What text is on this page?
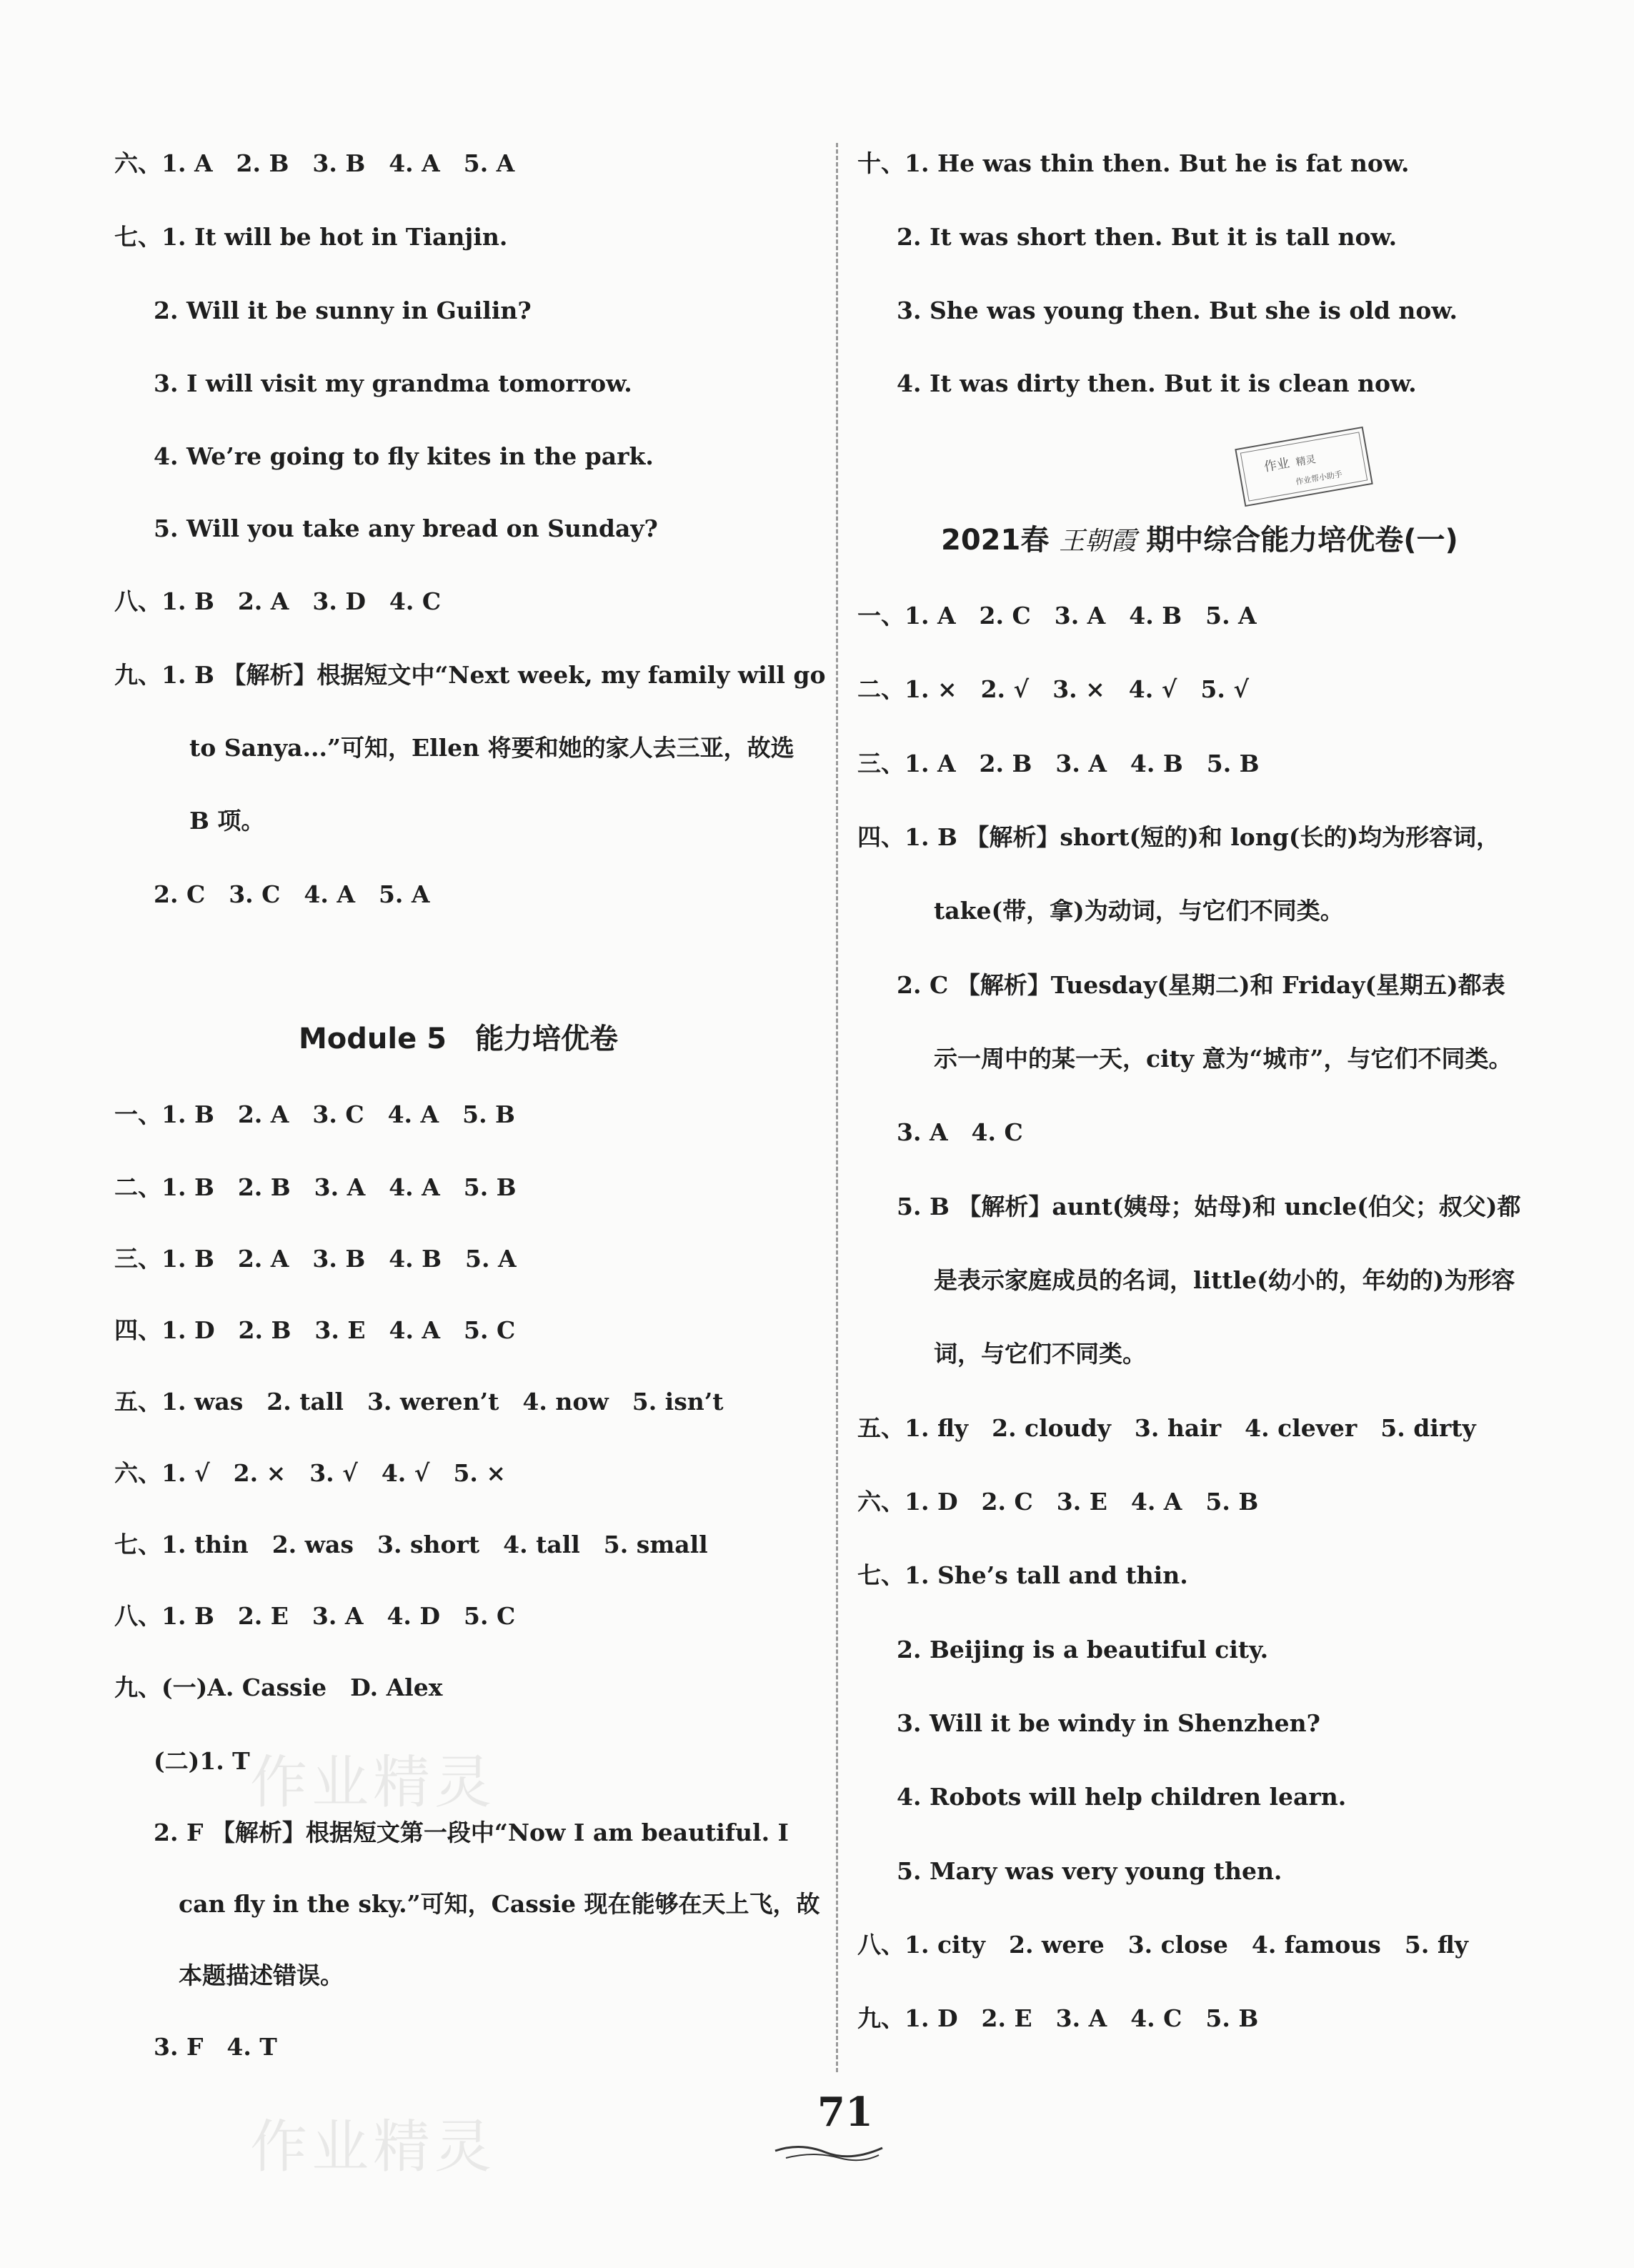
六、1. A　2. B　3. B　4. A　5. A
七、1. It will be hot in Tianjin.
2. Will it be sunny in Guilin?
3. I will visit my grandma tomorrow.
4. We’re going to fly kites in the park.
5. Will you take any bread on Sunday?
八、1. B　2. A　3. D　4. C
九、1. B 【解析】根据短文中“Next week, my family will go
to Sanya...”可知，Ellen 将要和她的家人去三亚，故选
B 项。
2. C　3. C　4. A　5. A
Module 5　能力培优卷
一、1. B　2. A　3. C　4. A　5. B
二、1. B　2. B　3. A　4. A　5. B
三、1. B　2. A　3. B　4. B　5. A
四、1. D　2. B　3. E　4. A　5. C
五、1. was　2. tall　3. weren’t　4. now　5. isn’t
六、1. √　2. ×　3. √　4. √　5. ×
七、1. thin　2. was　3. short　4. tall　5. small
八、1. B　2. E　3. A　4. D　5. C
九、(一)A. Cassie　D. Alex
(二)1. T
2. F 【解析】根据短文第一段中“Now I am beautiful. I
can fly in the sky.”可知，Cassie 现在能够在天上飞，故
本题描述错误。
3. F　4. T
十、1. He was thin then. But he is fat now.
2. It was short then. But it is tall now.
3. She was young then. But she is old now.
4. It was dirty then. But it is clean now.
2021春 王朝霞 期中综合能力培优卷(一)
一、1. A　2. C　3. A　4. B　5. A
二、1. ×　2. √　3. ×　4. √　5. √
三、1. A　2. B　3. A　4. B　5. B
四、1. B 【解析】short(短的)和 long(长的)均为形容词，
take(带，拿)为动词，与它们不同类。
2. C 【解析】Tuesday(星期二)和 Friday(星期五)都表
示一周中的某一天，city 意为“城市”，与它们不同类。
3. A　4. C
5. B 【解析】aunt(姨母；姑母)和 uncle(伯父；叔父)都
是表示家庭成员的名词，little(幼小的，年幼的)为形容
词，与它们不同类。
五、1. fly　2. cloudy　3. hair　4. clever　5. dirty
六、1. D　2. C　3. E　4. A　5. B
七、1. She’s tall and thin.
2. Beijing is a beautiful city.
3. Will it be windy in Shenzhen?
4. Robots will help children learn.
5. Mary was very young then.
八、1. city　2. were　3. close　4. famous　5. fly
九、1. D　2. E　3. A　4. C　5. B
作业 精灵
作业帮小助手
作业精灵
作业精灵
71
